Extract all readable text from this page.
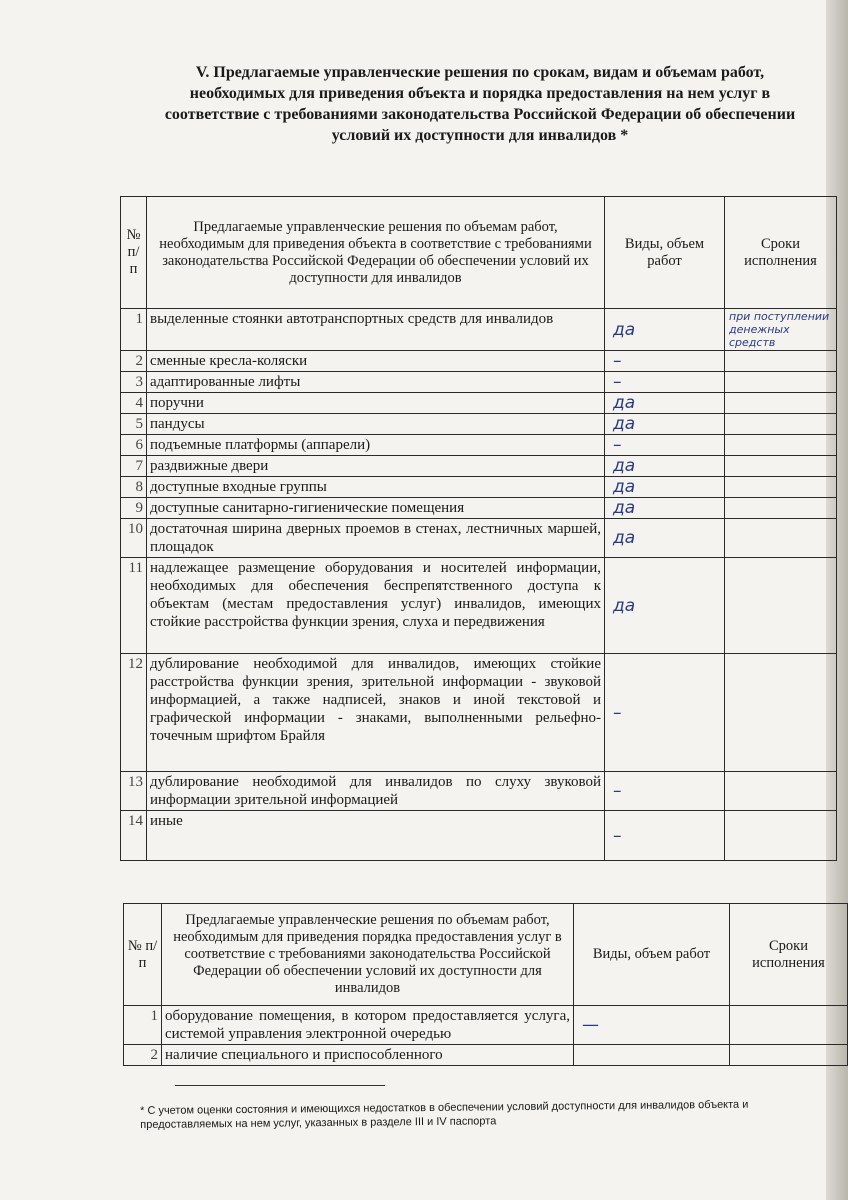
V. Предлагаемые управленческие решения по срокам, видам и объемам работ, необходимых для приведения объекта и порядка предоставления на нем услуг в соответствие с требованиями законодательства Российской Федерации об обеспечении условий их доступности для инвалидов *
№ п/п	Предлагаемые управленческие решения по объемам работ, необходимым для приведения объекта в соответствие с требованиями законодательства Российской Федерации об обеспечении условий их доступности для инвалидов	Виды, объем работ	Сроки исполнения
1	выделенные стоянки автотранспортных средств для инвалидов	да	при поступлении денежных средств
2	сменные кресла-коляски	–	
3	адаптированные лифты	–	
4	поручни	да	
5	пандусы	да	
6	подъемные платформы (аппарели)	–	
7	раздвижные двери	да	
8	доступные входные группы	да	
9	доступные санитарно-гигиенические помещения	да	
10	достаточная ширина дверных проемов в стенах, лестничных маршей, площадок	да	
11	надлежащее размещение оборудования и носителей информации, необходимых для обеспечения беспрепятственного доступа к объектам (местам предоставления услуг) инвалидов, имеющих стойкие расстройства функции зрения, слуха и передвижения	да	
12	дублирование необходимой для инвалидов, имеющих стойкие расстройства функции зрения, зрительной информации - звуковой информацией, а также надписей, знаков и иной текстовой и графической информации - знаками, выполненными рельефно-точечным шрифтом Брайля	–	
13	дублирование необходимой для инвалидов по слуху звуковой информации зрительной информацией	–	
14	иные	–	
№ п/п	Предлагаемые управленческие решения по объемам работ, необходимым для приведения порядка предоставления услуг в соответствие с требованиями законодательства Российской Федерации об обеспечении условий их доступности для инвалидов	Виды, объем работ	Сроки исполнения
1	оборудование помещения, в котором предоставляется услуга, системой управления электронной очередью	—	
2	наличие специального и приспособленного		
* С учетом оценки состояния и имеющихся недостатков в обеспечении условий доступности для инвалидов объекта и предоставляемых на нем услуг, указанных в разделе III и IV паспорта
